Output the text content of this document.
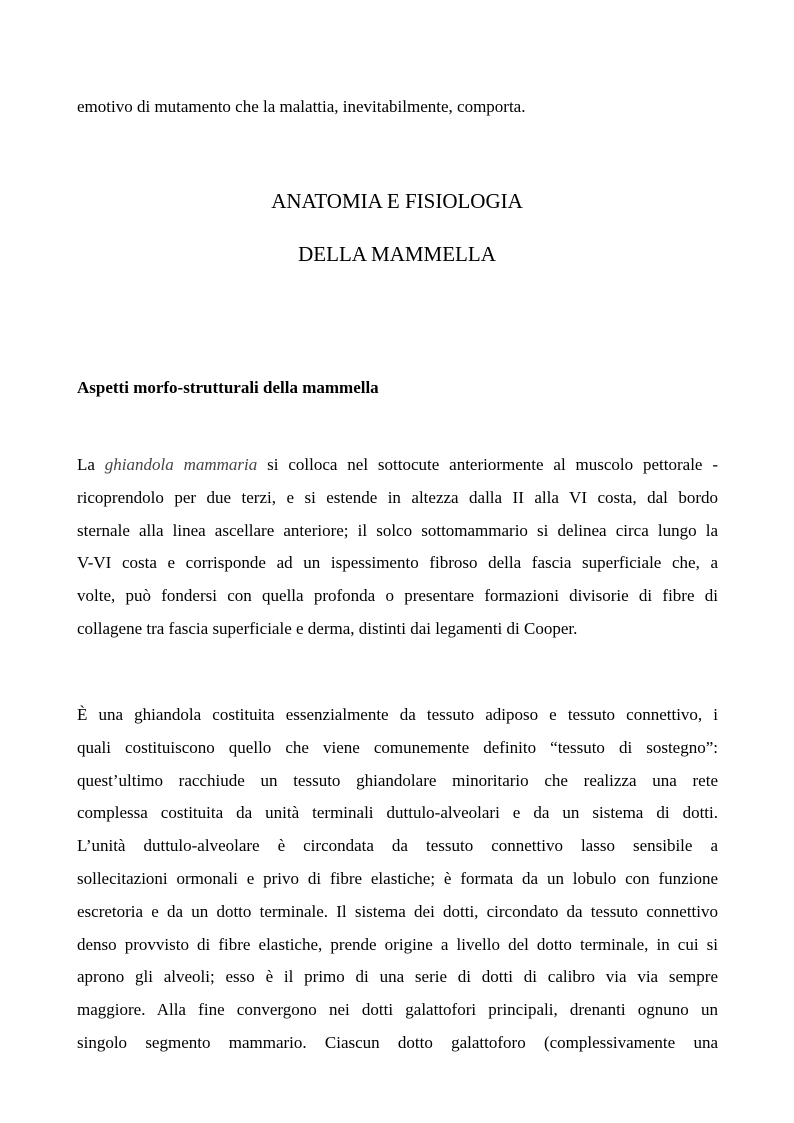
emotivo di mutamento che la malattia, inevitabilmente, comporta.
ANATOMIA E FISIOLOGIA
DELLA MAMMELLA
Aspetti morfo-strutturali della mammella
La ghiandola mammaria si colloca nel sottocute anteriormente al muscolo pettorale -
ricoprendolo per due terzi, e si estende in altezza dalla II alla VI costa, dal bordo
sternale alla linea ascellare anteriore; il solco sottomammario si delinea circa lungo la
V-VI costa e corrisponde ad un ispessimento fibroso della fascia superficiale che, a
volte, può fondersi con quella profonda o presentare formazioni divisorie di fibre di
collagene tra fascia superficiale e derma, distinti dai legamenti di Cooper.
È una ghiandola costituita essenzialmente da tessuto adiposo e tessuto connettivo, i
quali costituiscono quello che viene comunemente definito “tessuto di sostegno”:
quest’ultimo racchiude un tessuto ghiandolare minoritario che realizza una rete
complessa costituita da unità terminali duttulo-alveolari e da un sistema di dotti.
L’unità duttulo-alveolare è circondata da tessuto connettivo lasso sensibile a
sollecitazioni ormonali e privo di fibre elastiche; è formata da un lobulo con funzione
escretoria e da un dotto terminale. Il sistema dei dotti, circondato da tessuto connettivo
denso provvisto di fibre elastiche, prende origine a livello del dotto terminale, in cui si
aprono gli alveoli; esso è il primo di una serie di dotti di calibro via via sempre
maggiore. Alla fine convergono nei dotti galattofori principali, drenanti ognuno un
singolo segmento mammario. Ciascun dotto galattoforo (complessivamente una
